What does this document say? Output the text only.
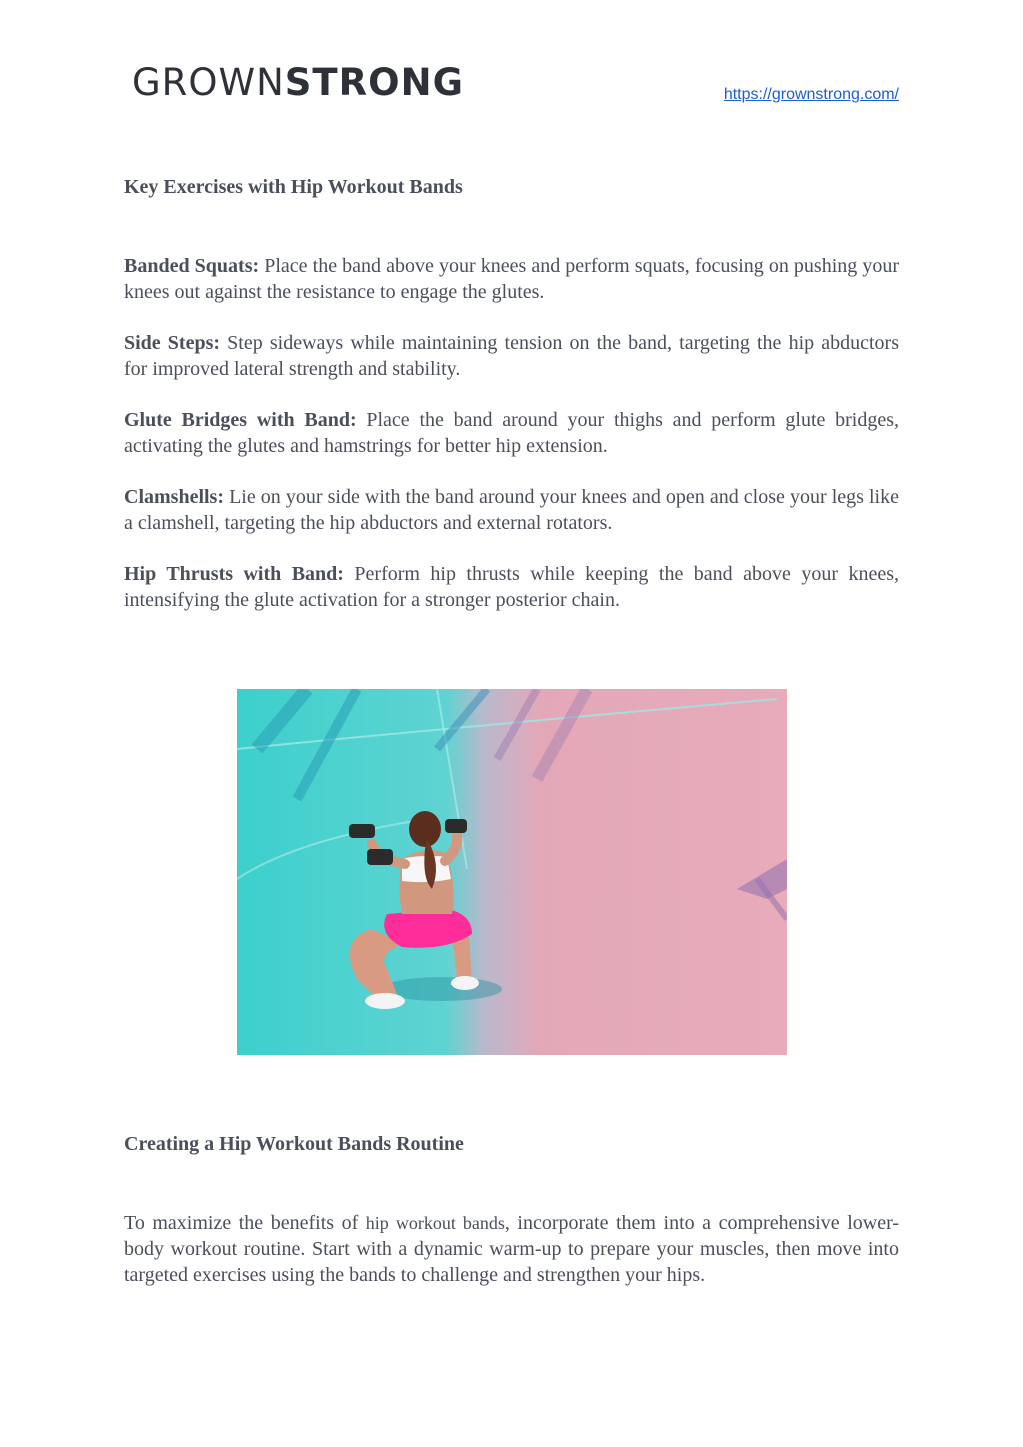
GROWNSTRONG	https://grownstrong.com/
Key Exercises with Hip Workout Bands

Banded Squats: Place the band above your knees and perform squats, focusing on pushing your knees out against the resistance to engage the glutes.

Side Steps: Step sideways while maintaining tension on the band, targeting the hip abductors for improved lateral strength and stability.

Glute Bridges with Band: Place the band around your thighs and perform glute bridges, activating the glutes and hamstrings for better hip extension.

Clamshells: Lie on your side with the band around your knees and open and close your legs like a clamshell, targeting the hip abductors and external rotators.

Hip Thrusts with Band: Perform hip thrusts while keeping the band above your knees, intensifying the glute activation for a stronger posterior chain.

Creating a Hip Workout Bands Routine

To maximize the benefits of hip workout bands, incorporate them into a comprehensive lower-body workout routine. Start with a dynamic warm-up to prepare your muscles, then move into targeted exercises using the bands to challenge and strengthen your hips.
